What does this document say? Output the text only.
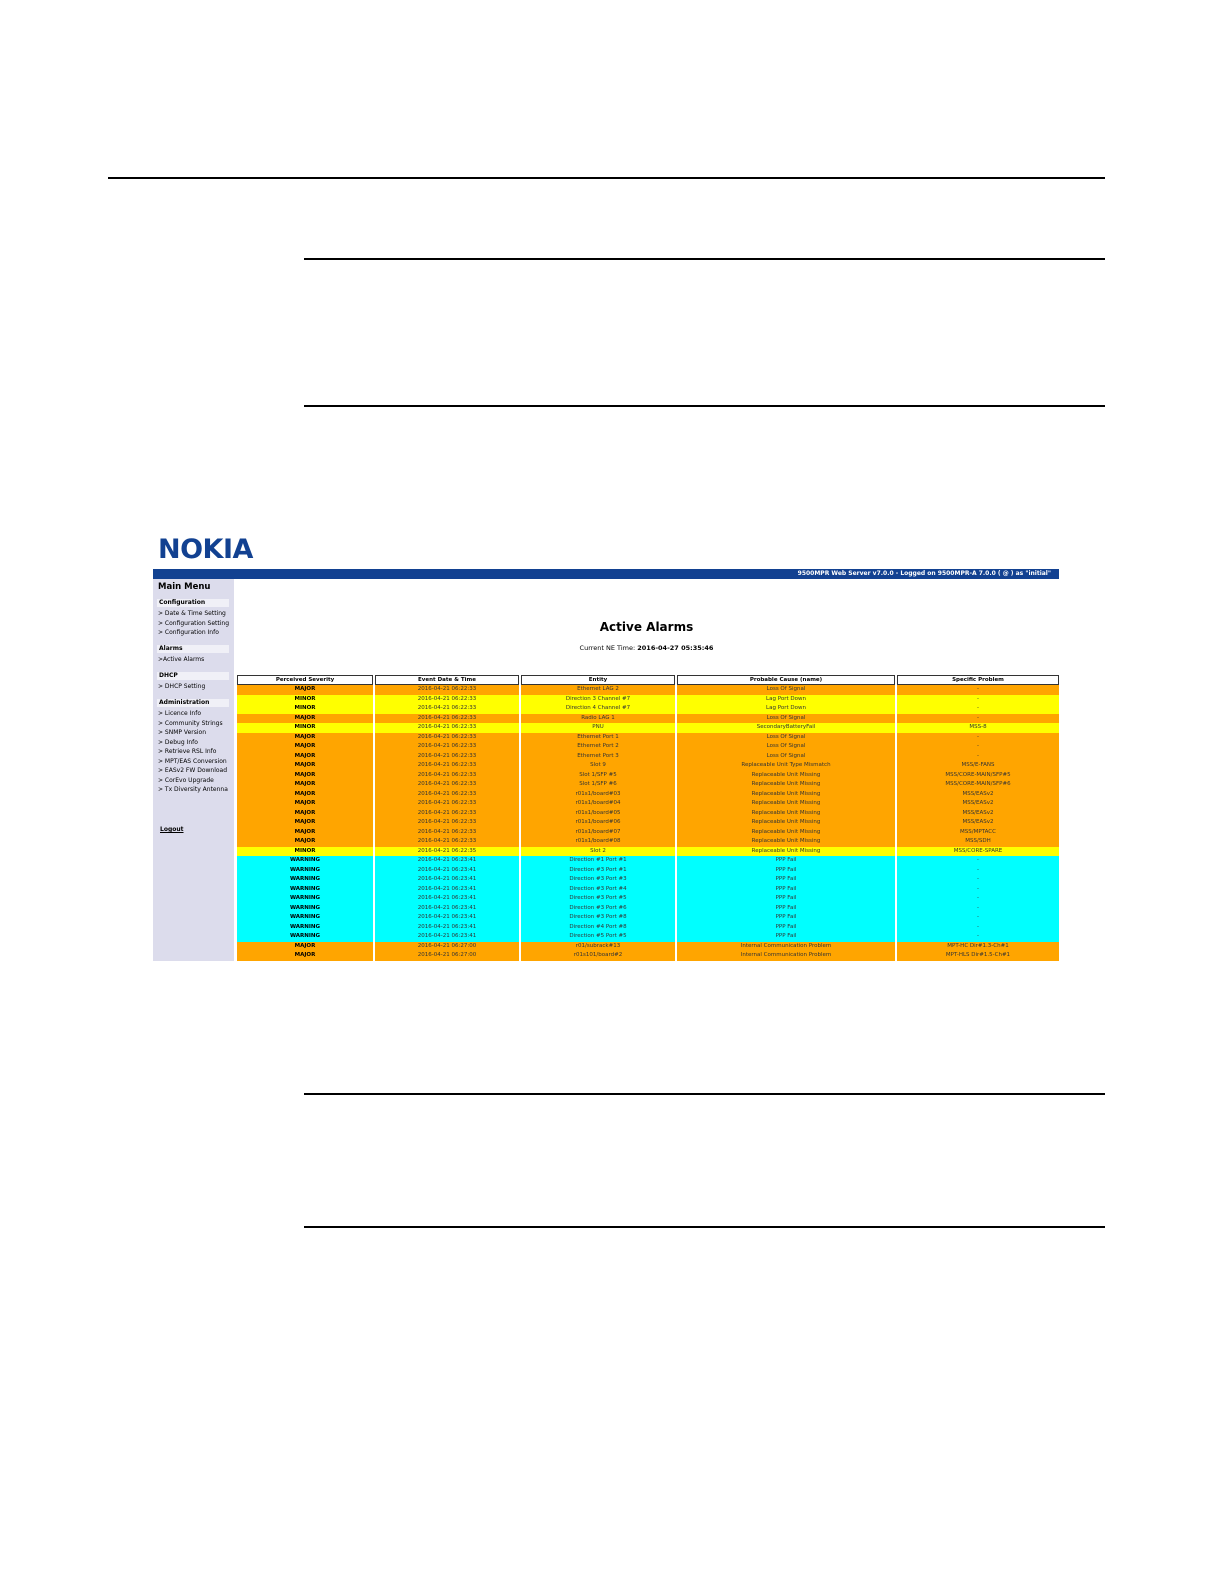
NOKIA
9500MPR Web Server v7.0.0 - Logged on 9500MPR-A 7.0.0 ( @ ) as "initial"
Main Menu
Configuration
> Date & Time Setting
> Configuration Setting
> Configuration Info
Alarms
>Active Alarms
DHCP
> DHCP Setting
Administration
> Licence Info
> Community Strings
> SNMP Version
> Debug Info
> Retrieve RSL Info
> MPT/EAS Conversion
> EASv2 FW Download
> CorEvo Upgrade
> Tx Diversity Antenna
Logout
Active Alarms
Current NE Time: 2016-04-27 05:35:46
Perceived Severity	Event Date & Time	Entity	Probable Cause (name)	Specific Problem
MAJOR	2016-04-21 06:22:33	Ethernet LAG 2	Loss Of Signal	-
MINOR	2016-04-21 06:22:33	Direction 3 Channel #7	Lag Port Down	-
MINOR	2016-04-21 06:22:33	Direction 4 Channel #7	Lag Port Down	-
MAJOR	2016-04-21 06:22:33	Radio LAG 1	Loss Of Signal	-
MINOR	2016-04-21 06:22:33	PNU	SecondaryBatteryFail	MSS-8
MAJOR	2016-04-21 06:22:33	Ethernet Port 1	Loss Of Signal	-
MAJOR	2016-04-21 06:22:33	Ethernet Port 2	Loss Of Signal	-
MAJOR	2016-04-21 06:22:33	Ethernet Port 3	Loss Of Signal	-
MAJOR	2016-04-21 06:22:33	Slot 9	Replaceable Unit Type Mismatch	MSS/E-FANS
MAJOR	2016-04-21 06:22:33	Slot 1/SFP #5	Replaceable Unit Missing	MSS/CORE-MAIN/SFP#5
MAJOR	2016-04-21 06:22:33	Slot 1/SFP #6	Replaceable Unit Missing	MSS/CORE-MAIN/SFP#6
MAJOR	2016-04-21 06:22:33	r01s1/board#03	Replaceable Unit Missing	MSS/EASv2
MAJOR	2016-04-21 06:22:33	r01s1/board#04	Replaceable Unit Missing	MSS/EASv2
MAJOR	2016-04-21 06:22:33	r01s1/board#05	Replaceable Unit Missing	MSS/EASv2
MAJOR	2016-04-21 06:22:33	r01s1/board#06	Replaceable Unit Missing	MSS/EASv2
MAJOR	2016-04-21 06:22:33	r01s1/board#07	Replaceable Unit Missing	MSS/MPTACC
MAJOR	2016-04-21 06:22:33	r01s1/board#08	Replaceable Unit Missing	MSS/SDH
MINOR	2016-04-21 06:22:35	Slot 2	Replaceable Unit Missing	MSS/CORE-SPARE
WARNING	2016-04-21 06:23:41	Direction #1 Port #1	PPP Fail	-
WARNING	2016-04-21 06:23:41	Direction #3 Port #1	PPP Fail	-
WARNING	2016-04-21 06:23:41	Direction #3 Port #3	PPP Fail	-
WARNING	2016-04-21 06:23:41	Direction #3 Port #4	PPP Fail	-
WARNING	2016-04-21 06:23:41	Direction #3 Port #5	PPP Fail	-
WARNING	2016-04-21 06:23:41	Direction #3 Port #6	PPP Fail	-
WARNING	2016-04-21 06:23:41	Direction #3 Port #8	PPP Fail	-
WARNING	2016-04-21 06:23:41	Direction #4 Port #8	PPP Fail	-
WARNING	2016-04-21 06:23:41	Direction #5 Port #5	PPP Fail	-
MAJOR	2016-04-21 06:27:00	r01/subrack#13	Internal Communication Problem	MPT-HC Dir#1.3-Ch#1
MAJOR	2016-04-21 06:27:00	r01s101/board#2	Internal Communication Problem	MPT-HLS Dir#1.5-Ch#1
